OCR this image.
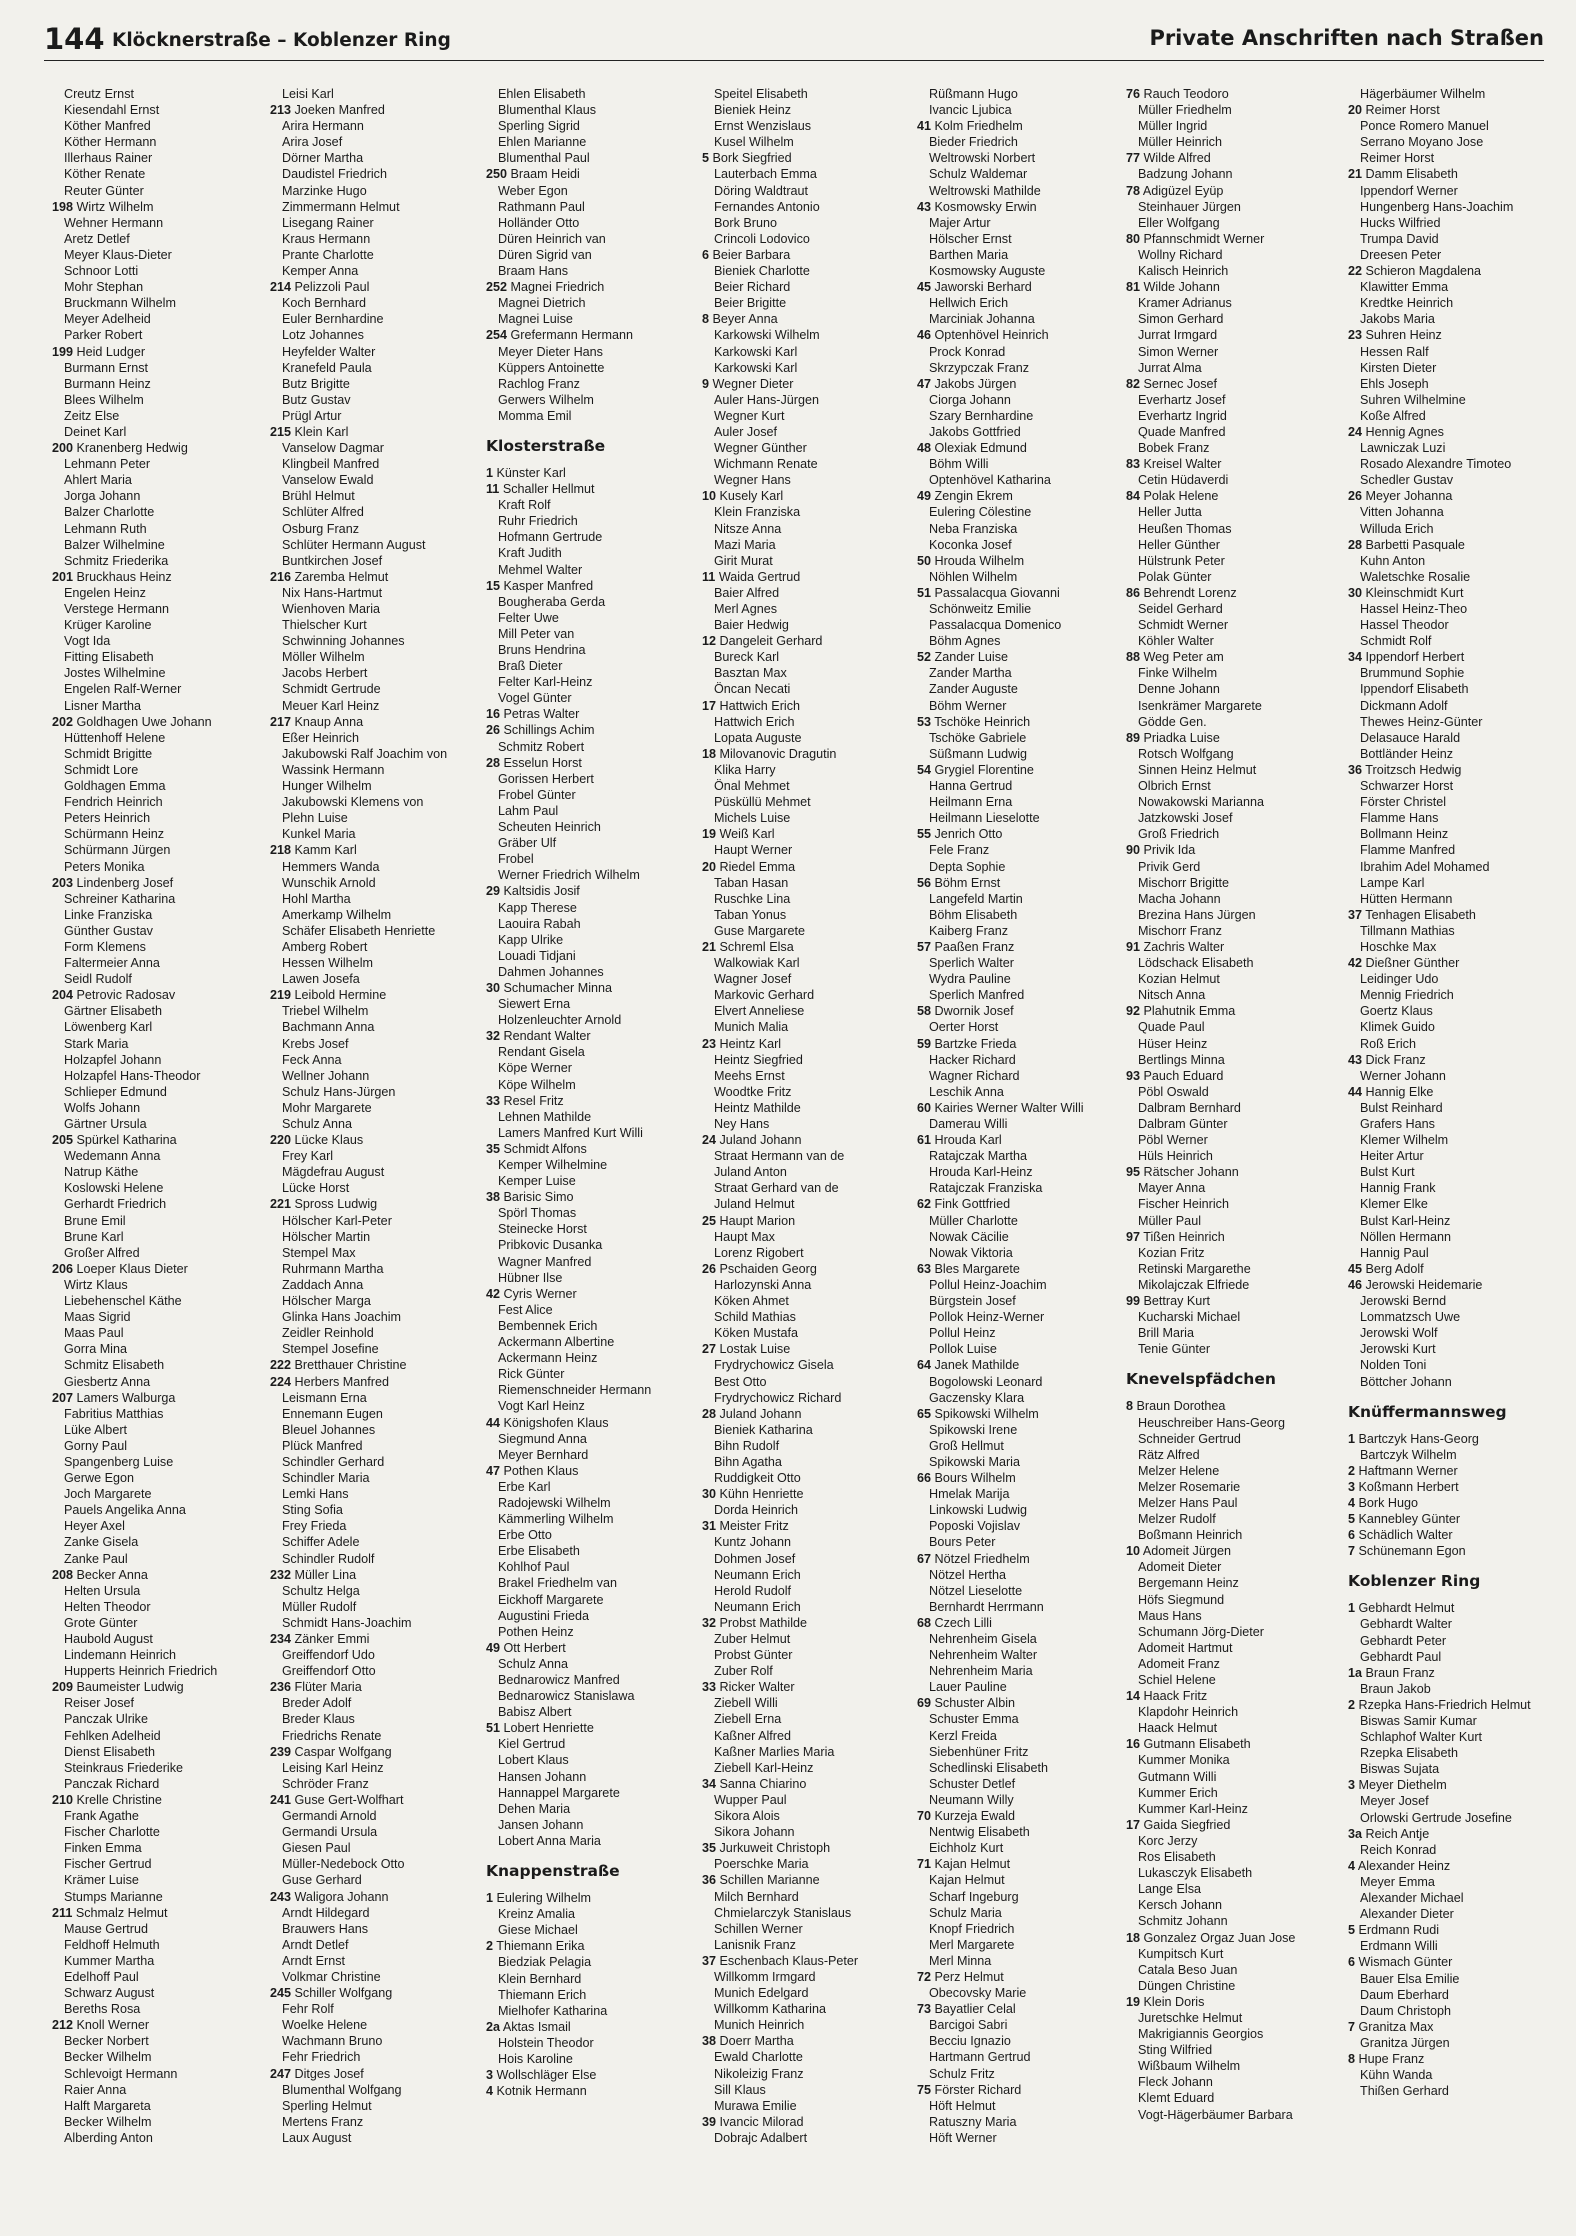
144 Klöcknerstraße – Koblenzer Ring	Private Anschriften nach Straßen
Creutz Ernst
Kiesendahl Ernst
Köther Manfred
Köther Hermann
Illerhaus Rainer
Köther Renate
Reuter Günter
198 Wirtz Wilhelm
Wehner Hermann
Aretz Detlef
Meyer Klaus-Dieter
Schnoor Lotti
Mohr Stephan
Bruckmann Wilhelm
Meyer Adelheid
Parker Robert
199 Heid Ludger
Burmann Ernst
Burmann Heinz
Blees Wilhelm
Zeitz Else
Deinet Karl
200 Kranenberg Hedwig
Lehmann Peter
Ahlert Maria
Jorga Johann
Balzer Charlotte
Lehmann Ruth
Balzer Wilhelmine
Schmitz Friederika
201 Bruckhaus Heinz
Engelen Heinz
Verstege Hermann
Krüger Karoline
Vogt Ida
Fitting Elisabeth
Jostes Wilhelmine
Engelen Ralf-Werner
Lisner Martha
202 Goldhagen Uwe Johann
Hüttenhoff Helene
Schmidt Brigitte
Schmidt Lore
Goldhagen Emma
Fendrich Heinrich
Peters Heinrich
Schürmann Heinz
Schürmann Jürgen
Peters Monika
203 Lindenberg Josef
Schreiner Katharina
Linke Franziska
Günther Gustav
Form Klemens
Faltermeier Anna
Seidl Rudolf
204 Petrovic Radosav
Gärtner Elisabeth
Löwenberg Karl
Stark Maria
Holzapfel Johann
Holzapfel Hans-Theodor
Schlieper Edmund
Wolfs Johann
Gärtner Ursula
205 Spürkel Katharina
Wedemann Anna
Natrup Käthe
Koslowski Helene
Gerhardt Friedrich
Brune Emil
Brune Karl
Großer Alfred
206 Loeper Klaus Dieter
Wirtz Klaus
Liebehenschel Käthe
Maas Sigrid
Maas Paul
Gorra Mina
Schmitz Elisabeth
Giesbertz Anna
207 Lamers Walburga
Fabritius Matthias
Lüke Albert
Gorny Paul
Spangenberg Luise
Gerwe Egon
Joch Margarete
Pauels Angelika Anna
Heyer Axel
Zanke Gisela
Zanke Paul
208 Becker Anna
Helten Ursula
Helten Theodor
Grote Günter
Haubold August
Lindemann Heinrich
Hupperts Heinrich Friedrich
209 Baumeister Ludwig
Reiser Josef
Panczak Ulrike
Fehlken Adelheid
Dienst Elisabeth
Steinkraus Friederike
Panczak Richard
210 Krelle Christine
Frank Agathe
Fischer Charlotte
Finken Emma
Fischer Gertrud
Krämer Luise
Stumps Marianne
211 Schmalz Helmut
Mause Gertrud
Feldhoff Helmuth
Kummer Martha
Edelhoff Paul
Schwarz August
Bereths Rosa
212 Knoll Werner
Becker Norbert
Becker Wilhelm
Schlevoigt Hermann
Raier Anna
Halft Margareta
Becker Wilhelm
Alberding Anton
Leisi Karl
213 Joeken Manfred
Arira Hermann
Arira Josef
Dörner Martha
Daudistel Friedrich
Marzinke Hugo
Zimmermann Helmut
Lisegang Rainer
Kraus Hermann
Prante Charlotte
Kemper Anna
214 Pelizzoli Paul
Koch Bernhard
Euler Bernhardine
Lotz Johannes
Heyfelder Walter
Kranefeld Paula
Butz Brigitte
Butz Gustav
Prügl Artur
215 Klein Karl
Vanselow Dagmar
Klingbeil Manfred
Vanselow Ewald
Brühl Helmut
Schlüter Alfred
Osburg Franz
Schlüter Hermann August
Buntkirchen Josef
216 Zaremba Helmut
Nix Hans-Hartmut
Wienhoven Maria
Thielscher Kurt
Schwinning Johannes
Möller Wilhelm
Jacobs Herbert
Schmidt Gertrude
Meuer Karl Heinz
217 Knaup Anna
Eßer Heinrich
Jakubowski Ralf Joachim von
Wassink Hermann
Hunger Wilhelm
Jakubowski Klemens von
Plehn Luise
Kunkel Maria
218 Kamm Karl
Hemmers Wanda
Wunschik Arnold
Hohl Martha
Amerkamp Wilhelm
Schäfer Elisabeth Henriette
Amberg Robert
Hessen Wilhelm
Lawen Josefa
219 Leibold Hermine
Triebel Wilhelm
Bachmann Anna
Krebs Josef
Feck Anna
Wellner Johann
Schulz Hans-Jürgen
Mohr Margarete
Schulz Anna
220 Lücke Klaus
Frey Karl
Mägdefrau August
Lücke Horst
221 Spross Ludwig
Hölscher Karl-Peter
Hölscher Martin
Stempel Max
Ruhrmann Martha
Zaddach Anna
Hölscher Marga
Glinka Hans Joachim
Zeidler Reinhold
Stempel Josefine
222 Bretthauer Christine
224 Herbers Manfred
Leismann Erna
Ennemann Eugen
Bleuel Johannes
Plück Manfred
Schindler Gerhard
Schindler Maria
Lemki Hans
Sting Sofia
Frey Frieda
Schiffer Adele
Schindler Rudolf
232 Müller Lina
Schultz Helga
Müller Rudolf
Schmidt Hans-Joachim
234 Zänker Emmi
Greiffendorf Udo
Greiffendorf Otto
236 Flüter Maria
Breder Adolf
Breder Klaus
Friedrichs Renate
239 Caspar Wolfgang
Leising Karl Heinz
Schröder Franz
241 Guse Gert-Wolfhart
Germandi Arnold
Germandi Ursula
Giesen Paul
Müller-Nedebock Otto
Guse Gerhard
243 Waligora Johann
Arndt Hildegard
Brauwers Hans
Arndt Detlef
Arndt Ernst
Volkmar Christine
245 Schiller Wolfgang
Fehr Rolf
Woelke Helene
Wachmann Bruno
Fehr Friedrich
247 Ditges Josef
Blumenthal Wolfgang
Sperling Helmut
Mertens Franz
Laux August
Ehlen Elisabeth
Blumenthal Klaus
Sperling Sigrid
Ehlen Marianne
Blumenthal Paul
250 Braam Heidi
Weber Egon
Rathmann Paul
Holländer Otto
Düren Heinrich van
Düren Sigrid van
Braam Hans
252 Magnei Friedrich
Magnei Dietrich
Magnei Luise
254 Grefermann Hermann
Meyer Dieter Hans
Küppers Antoinette
Rachlog Franz
Gerwers Wilhelm
Momma Emil
Klosterstraße
1 Künster Karl
11 Schaller Hellmut
Kraft Rolf
Ruhr Friedrich
Hofmann Gertrude
Kraft Judith
Mehmel Walter
15 Kasper Manfred
Bougheraba Gerda
Felter Uwe
Mill Peter van
Bruns Hendrina
Braß Dieter
Felter Karl-Heinz
Vogel Günter
16 Petras Walter
26 Schillings Achim
Schmitz Robert
28 Esselun Horst
Gorissen Herbert
Frobel Günter
Lahm Paul
Scheuten Heinrich
Gräber Ulf
Frobel
Werner Friedrich Wilhelm
29 Kaltsidis Josif
Kapp Therese
Laouira Rabah
Kapp Ulrike
Louadi Tidjani
Dahmen Johannes
30 Schumacher Minna
Siewert Erna
Holzenleuchter Arnold
32 Rendant Walter
Rendant Gisela
Köpe Werner
Köpe Wilhelm
33 Resel Fritz
Lehnen Mathilde
Lamers Manfred Kurt Willi
35 Schmidt Alfons
Kemper Wilhelmine
Kemper Luise
38 Barisic Simo
Spörl Thomas
Steinecke Horst
Pribkovic Dusanka
Wagner Manfred
Hübner Ilse
42 Cyris Werner
Fest Alice
Bembennek Erich
Ackermann Albertine
Ackermann Heinz
Rick Günter
Riemenschneider Hermann
Vogt Karl Heinz
44 Königshofen Klaus
Siegmund Anna
Meyer Bernhard
47 Pothen Klaus
Erbe Karl
Radojewski Wilhelm
Kämmerling Wilhelm
Erbe Otto
Erbe Elisabeth
Kohlhof Paul
Brakel Friedhelm van
Eickhoff Margarete
Augustini Frieda
Pothen Heinz
49 Ott Herbert
Schulz Anna
Bednarowicz Manfred
Bednarowicz Stanislawa
Babisz Albert
51 Lobert Henriette
Kiel Gertrud
Lobert Klaus
Hansen Johann
Hannappel Margarete
Dehen Maria
Jansen Johann
Lobert Anna Maria
Knappenstraße
1 Eulering Wilhelm
Kreinz Amalia
Giese Michael
2 Thiemann Erika
Biedziak Pelagia
Klein Bernhard
Thiemann Erich
Mielhofer Katharina
2a Aktas Ismail
Holstein Theodor
Hois Karoline
3 Wollschläger Else
4 Kotnik Hermann
Speitel Elisabeth
Bieniek Heinz
Ernst Wenzislaus
Kusel Wilhelm
5 Bork Siegfried
Lauterbach Emma
Döring Waldtraut
Fernandes Antonio
Bork Bruno
Crincoli Lodovico
6 Beier Barbara
Bieniek Charlotte
Beier Richard
Beier Brigitte
8 Beyer Anna
Karkowski Wilhelm
Karkowski Karl
Karkowski Karl
9 Wegner Dieter
Auler Hans-Jürgen
Wegner Kurt
Auler Josef
Wegner Günther
Wichmann Renate
Wegner Hans
10 Kusely Karl
Klein Franziska
Nitsze Anna
Mazi Maria
Girit Murat
11 Waida Gertrud
Baier Alfred
Merl Agnes
Baier Hedwig
12 Dangeleit Gerhard
Bureck Karl
Basztan Max
Öncan Necati
17 Hattwich Erich
Hattwich Erich
Lopata Auguste
18 Milovanovic Dragutin
Klika Harry
Önal Mehmet
Püsküllü Mehmet
Michels Luise
19 Weiß Karl
Haupt Werner
20 Riedel Emma
Taban Hasan
Ruschke Lina
Taban Yonus
Guse Margarete
21 Schreml Elsa
Walkowiak Karl
Wagner Josef
Markovic Gerhard
Elvert Anneliese
Munich Malia
23 Heintz Karl
Heintz Siegfried
Meehs Ernst
Woodtke Fritz
Heintz Mathilde
Ney Hans
24 Juland Johann
Straat Hermann van de
Juland Anton
Straat Gerhard van de
Juland Helmut
25 Haupt Marion
Haupt Max
Lorenz Rigobert
26 Pschaiden Georg
Harlozynski Anna
Köken Ahmet
Schild Mathias
Köken Mustafa
27 Lostak Luise
Frydrychowicz Gisela
Best Otto
Frydrychowicz Richard
28 Juland Johann
Bieniek Katharina
Bihn Rudolf
Bihn Agatha
Ruddigkeit Otto
30 Kühn Henriette
Dorda Heinrich
31 Meister Fritz
Kuntz Johann
Dohmen Josef
Neumann Erich
Herold Rudolf
Neumann Erich
32 Probst Mathilde
Zuber Helmut
Probst Günter
Zuber Rolf
33 Ricker Walter
Ziebell Willi
Ziebell Erna
Kaßner Alfred
Kaßner Marlies Maria
Ziebell Karl-Heinz
34 Sanna Chiarino
Wupper Paul
Sikora Alois
Sikora Johann
35 Jurkuweit Christoph
Poerschke Maria
36 Schillen Marianne
Milch Bernhard
Chmielarczyk Stanislaus
Schillen Werner
Lanisnik Franz
37 Eschenbach Klaus-Peter
Willkomm Irmgard
Munich Edelgard
Willkomm Katharina
Munich Heinrich
38 Doerr Martha
Ewald Charlotte
Nikoleizig Franz
Sill Klaus
Murawa Emilie
39 Ivancic Milorad
Dobrajc Adalbert
Rüßmann Hugo
Ivancic Ljubica
41 Kolm Friedhelm
Bieder Friedrich
Weltrowski Norbert
Schulz Waldemar
Weltrowski Mathilde
43 Kosmowsky Erwin
Majer Artur
Hölscher Ernst
Barthen Maria
Kosmowsky Auguste
45 Jaworski Berhard
Hellwich Erich
Marciniak Johanna
46 Optenhövel Heinrich
Prock Konrad
Skrzypczak Franz
47 Jakobs Jürgen
Ciorga Johann
Szary Bernhardine
Jakobs Gottfried
48 Olexiak Edmund
Böhm Willi
Optenhövel Katharina
49 Zengin Ekrem
Eulering Cölestine
Neba Franziska
Koconka Josef
50 Hrouda Wilhelm
Nöhlen Wilhelm
51 Passalacqua Giovanni
Schönweitz Emilie
Passalacqua Domenico
Böhm Agnes
52 Zander Luise
Zander Martha
Zander Auguste
Böhm Werner
53 Tschöke Heinrich
Tschöke Gabriele
Süßmann Ludwig
54 Grygiel Florentine
Hanna Gertrud
Heilmann Erna
Heilmann Lieselotte
55 Jenrich Otto
Fele Franz
Depta Sophie
56 Böhm Ernst
Langefeld Martin
Böhm Elisabeth
Kaiberg Franz
57 Paaßen Franz
Sperlich Walter
Wydra Pauline
Sperlich Manfred
58 Dwornik Josef
Oerter Horst
59 Bartzke Frieda
Hacker Richard
Wagner Richard
Leschik Anna
60 Kairies Werner Walter Willi
Damerau Willi
61 Hrouda Karl
Ratajczak Martha
Hrouda Karl-Heinz
Ratajczak Franziska
62 Fink Gottfried
Müller Charlotte
Nowak Cäcilie
Nowak Viktoria
63 Bles Margarete
Pollul Heinz-Joachim
Bürgstein Josef
Pollok Heinz-Werner
Pollul Heinz
Pollok Luise
64 Janek Mathilde
Bogolowski Leonard
Gaczensky Klara
65 Spikowski Wilhelm
Spikowski Irene
Groß Hellmut
Spikowski Maria
66 Bours Wilhelm
Hmelak Marija
Linkowski Ludwig
Poposki Vojislav
Bours Peter
67 Nötzel Friedhelm
Nötzel Hertha
Nötzel Lieselotte
Bernhardt Herrmann
68 Czech Lilli
Nehrenheim Gisela
Nehrenheim Walter
Nehrenheim Maria
Lauer Pauline
69 Schuster Albin
Schuster Emma
Kerzl Freida
Siebenhüner Fritz
Schedlinski Elisabeth
Schuster Detlef
Neumann Willy
70 Kurzeja Ewald
Nentwig Elisabeth
Eichholz Kurt
71 Kajan Helmut
Kajan Helmut
Scharf Ingeburg
Schulz Maria
Knopf Friedrich
Merl Margarete
Merl Minna
72 Perz Helmut
Obecovsky Marie
73 Bayatlier Celal
Barcigoi Sabri
Becciu Ignazio
Hartmann Gertrud
Schulz Fritz
75 Förster Richard
Höft Helmut
Ratuszny Maria
Höft Werner
76 Rauch Teodoro
Müller Friedhelm
Müller Ingrid
Müller Heinrich
77 Wilde Alfred
Badzung Johann
78 Adigüzel Eyüp
Steinhauer Jürgen
Eller Wolfgang
80 Pfannschmidt Werner
Wollny Richard
Kalisch Heinrich
81 Wilde Johann
Kramer Adrianus
Simon Gerhard
Jurrat Irmgard
Simon Werner
Jurrat Alma
82 Sernec Josef
Everhartz Josef
Everhartz Ingrid
Quade Manfred
Bobek Franz
83 Kreisel Walter
Cetin Hüdaverdi
84 Polak Helene
Heller Jutta
Heußen Thomas
Heller Günther
Hülstrunk Peter
Polak Günter
86 Behrendt Lorenz
Seidel Gerhard
Schmidt Werner
Köhler Walter
88 Weg Peter am
Finke Wilhelm
Denne Johann
Isenkrämer Margarete
Gödde Gen.
89 Priadka Luise
Rotsch Wolfgang
Sinnen Heinz Helmut
Olbrich Ernst
Nowakowski Marianna
Jatzkowski Josef
Groß Friedrich
90 Privik Ida
Privik Gerd
Mischorr Brigitte
Macha Johann
Brezina Hans Jürgen
Mischorr Franz
91 Zachris Walter
Lödschack Elisabeth
Kozian Helmut
Nitsch Anna
92 Plahutnik Emma
Quade Paul
Hüser Heinz
Bertlings Minna
93 Pauch Eduard
Pöbl Oswald
Dalbram Bernhard
Dalbram Günter
Pöbl Werner
Hüls Heinrich
95 Rätscher Johann
Mayer Anna
Fischer Heinrich
Müller Paul
97 Tißen Heinrich
Kozian Fritz
Retinski Margarethe
Mikolajczak Elfriede
99 Bettray Kurt
Kucharski Michael
Brill Maria
Tenie Günter
Knevelspfädchen
8 Braun Dorothea
Heuschreiber Hans-Georg
Schneider Gertrud
Rätz Alfred
Melzer Helene
Melzer Rosemarie
Melzer Hans Paul
Melzer Rudolf
Boßmann Heinrich
10 Adomeit Jürgen
Adomeit Dieter
Bergemann Heinz
Höfs Siegmund
Maus Hans
Schumann Jörg-Dieter
Adomeit Hartmut
Adomeit Franz
Schiel Helene
14 Haack Fritz
Klapdohr Heinrich
Haack Helmut
16 Gutmann Elisabeth
Kummer Monika
Gutmann Willi
Kummer Erich
Kummer Karl-Heinz
17 Gaida Siegfried
Korc Jerzy
Ros Elisabeth
Lukasczyk Elisabeth
Lange Elsa
Kersch Johann
Schmitz Johann
18 Gonzalez Orgaz Juan Jose
Kumpitsch Kurt
Catala Beso Juan
Düngen Christine
19 Klein Doris
Juretschke Helmut
Makrigiannis Georgios
Sting Wilfried
Wißbaum Wilhelm
Fleck Johann
Klemt Eduard
Vogt-Hägerbäumer Barbara
Hägerbäumer Wilhelm
20 Reimer Horst
Ponce Romero Manuel
Serrano Moyano Jose
Reimer Horst
21 Damm Elisabeth
Ippendorf Werner
Hungenberg Hans-Joachim
Hucks Wilfried
Trumpa David
Dreesen Peter
22 Schieron Magdalena
Klawitter Emma
Kredtke Heinrich
Jakobs Maria
23 Suhren Heinz
Hessen Ralf
Kirsten Dieter
Ehls Joseph
Suhren Wilhelmine
Koße Alfred
24 Hennig Agnes
Lawniczak Luzi
Rosado Alexandre Timoteo
Schedler Gustav
26 Meyer Johanna
Vitten Johanna
Willuda Erich
28 Barbetti Pasquale
Kuhn Anton
Waletschke Rosalie
30 Kleinschmidt Kurt
Hassel Heinz-Theo
Hassel Theodor
Schmidt Rolf
34 Ippendorf Herbert
Brummund Sophie
Ippendorf Elisabeth
Dickmann Adolf
Thewes Heinz-Günter
Delasauce Harald
Bottländer Heinz
36 Troitzsch Hedwig
Schwarzer Horst
Förster Christel
Flamme Hans
Bollmann Heinz
Flamme Manfred
Ibrahim Adel Mohamed
Lampe Karl
Hütten Hermann
37 Tenhagen Elisabeth
Tillmann Mathias
Hoschke Max
42 Dießner Günther
Leidinger Udo
Mennig Friedrich
Goertz Klaus
Klimek Guido
Roß Erich
43 Dick Franz
Werner Johann
44 Hannig Elke
Bulst Reinhard
Grafers Hans
Klemer Wilhelm
Heiter Artur
Bulst Kurt
Hannig Frank
Klemer Elke
Bulst Karl-Heinz
Nöllen Hermann
Hannig Paul
45 Berg Adolf
46 Jerowski Heidemarie
Jerowski Bernd
Lommatzsch Uwe
Jerowski Wolf
Jerowski Kurt
Nolden Toni
Böttcher Johann
Knüffermannsweg
1 Bartczyk Hans-Georg
Bartczyk Wilhelm
2 Haftmann Werner
3 Koßmann Herbert
4 Bork Hugo
5 Kannebley Günter
6 Schädlich Walter
7 Schünemann Egon
Koblenzer Ring
1 Gebhardt Helmut
Gebhardt Walter
Gebhardt Peter
Gebhardt Paul
1a Braun Franz
Braun Jakob
2 Rzepka Hans-Friedrich Helmut
Biswas Samir Kumar
Schlaphof Walter Kurt
Rzepka Elisabeth
Biswas Sujata
3 Meyer Diethelm
Meyer Josef
Orlowski Gertrude Josefine
3a Reich Antje
Reich Konrad
4 Alexander Heinz
Meyer Emma
Alexander Michael
Alexander Dieter
5 Erdmann Rudi
Erdmann Willi
6 Wismach Günter
Bauer Elsa Emilie
Daum Eberhard
Daum Christoph
7 Granitza Max
Granitza Jürgen
8 Hupe Franz
Kühn Wanda
Thißen Gerhard
